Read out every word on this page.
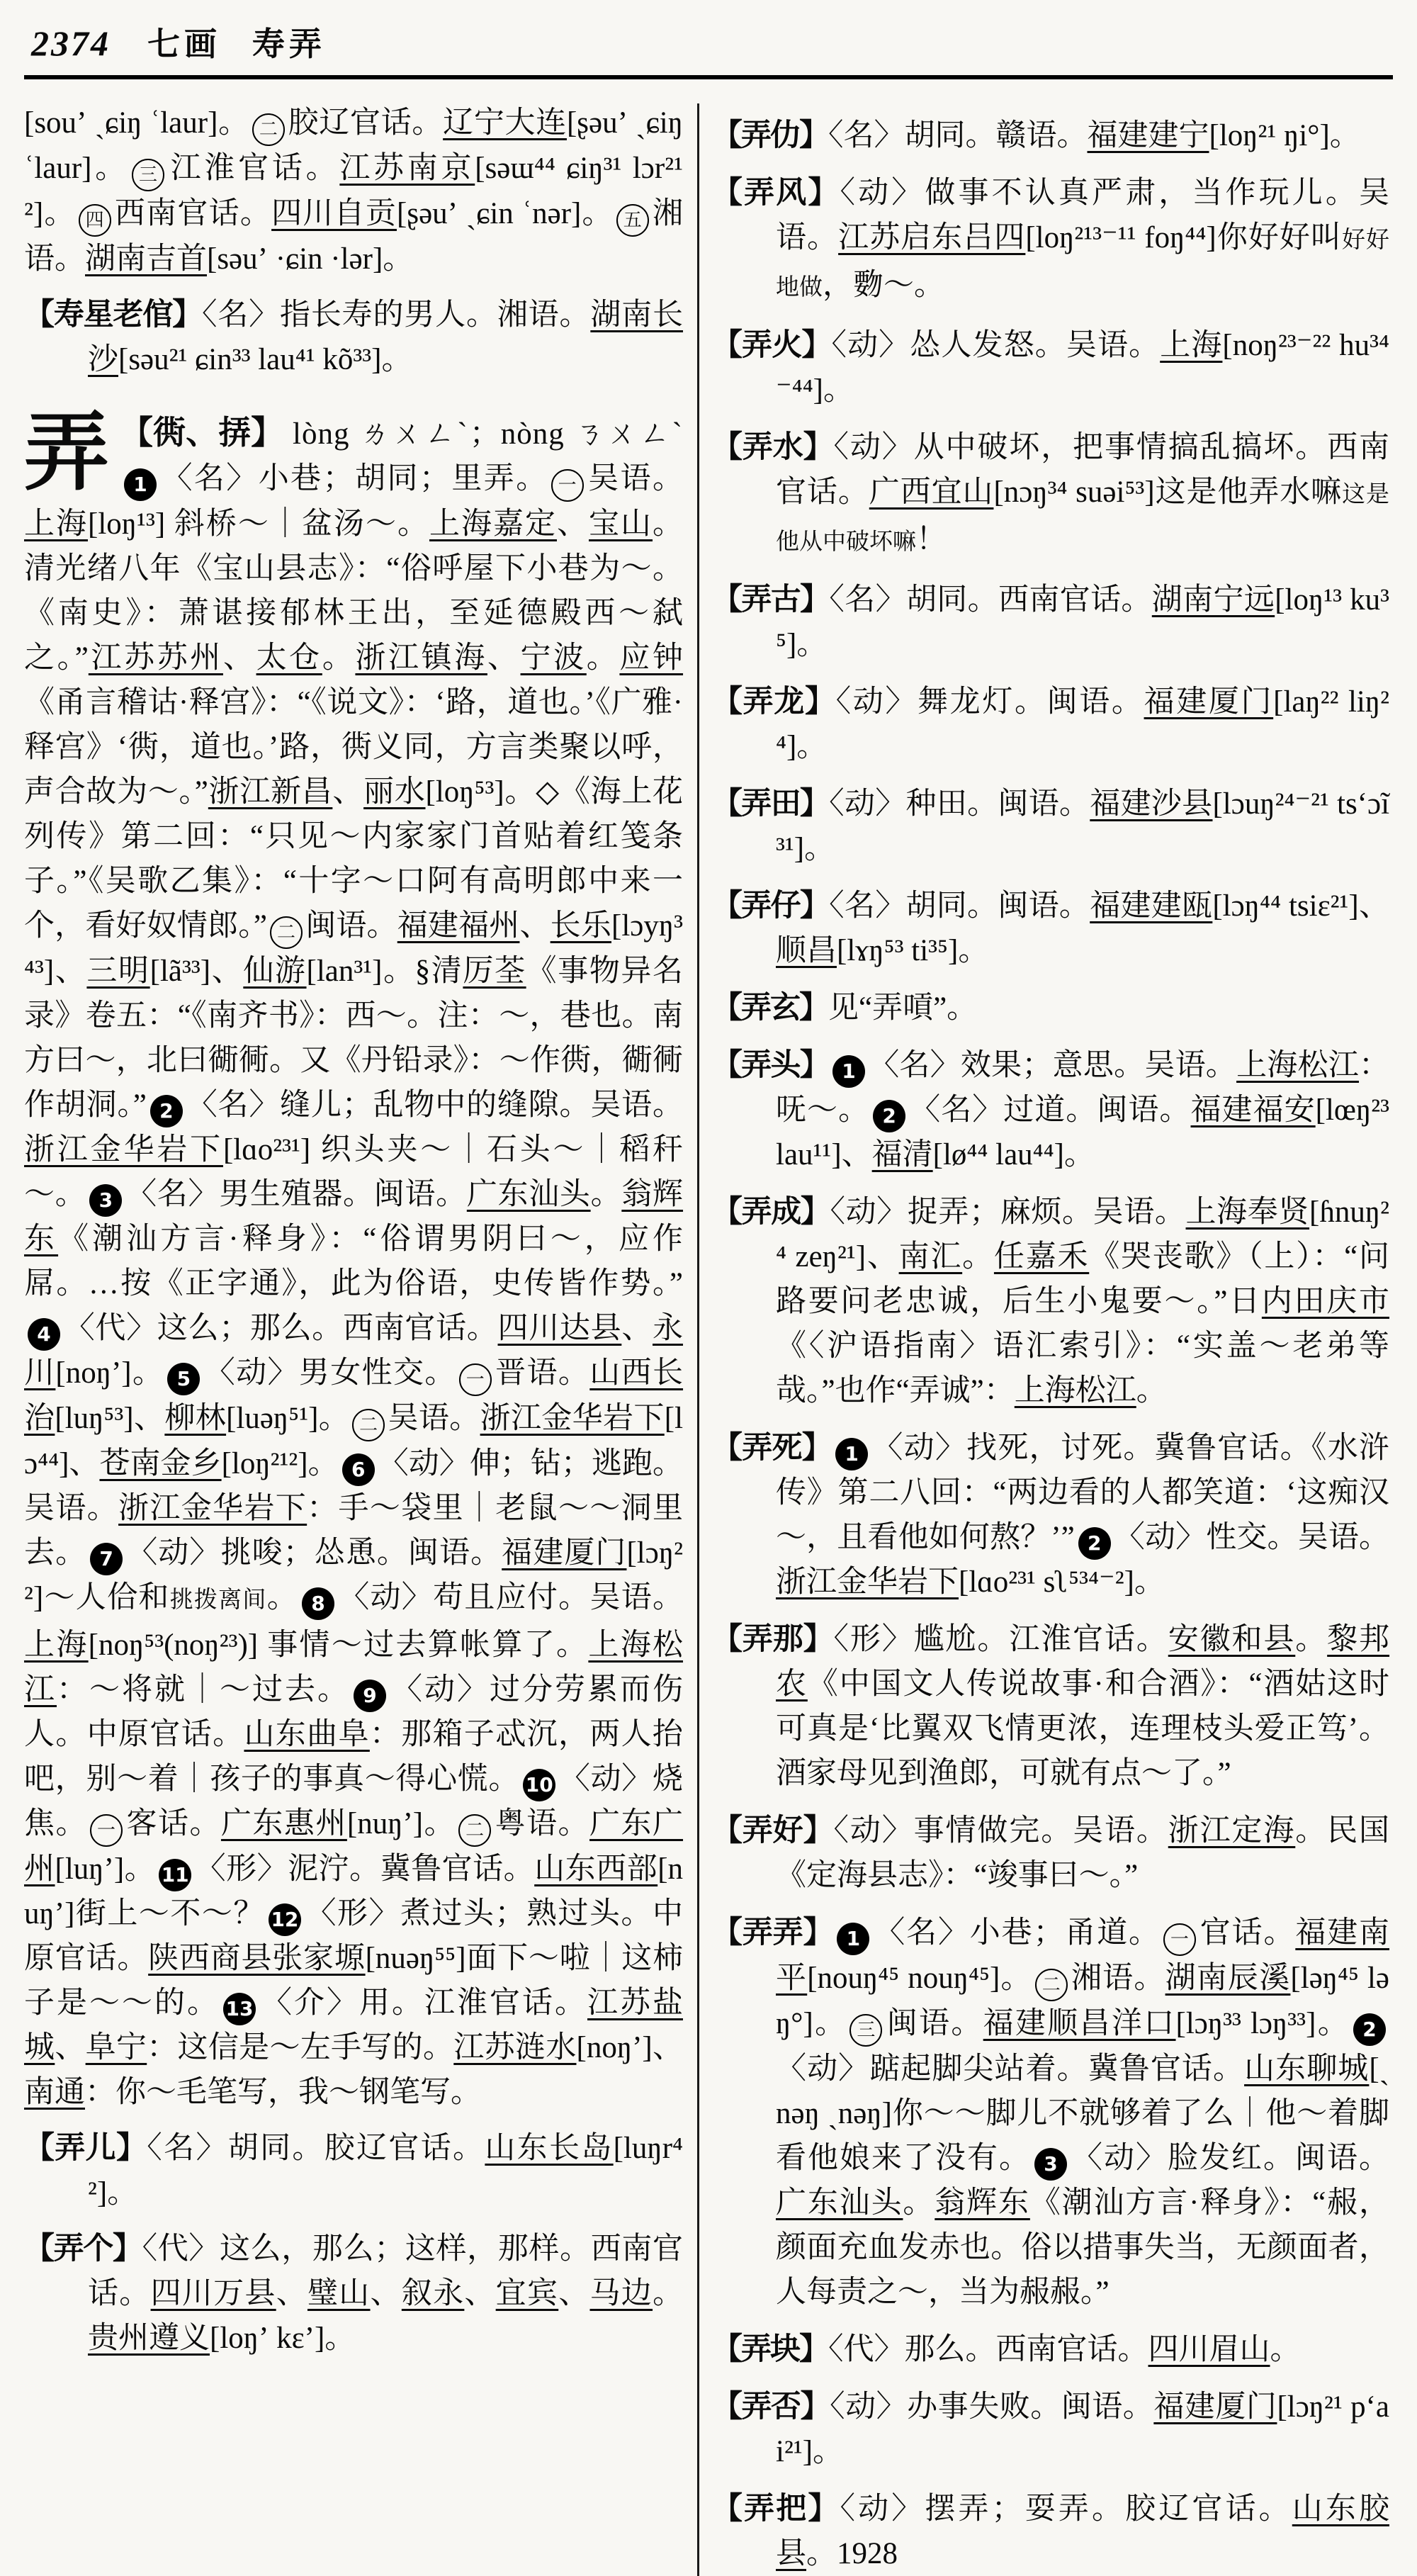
2374 七画 寿弄

[souʼ ˏɕiŋ ʿlaur]。 二 胶辽官话。辽宁大连[ʂəuʼ ˏɕiŋ ʿlaur]。 三 江淮官话。江苏南京[səɯ⁴⁴ ɕiŋ³¹ lɔr²¹²]。 四 西南官话。四川自贡[ʂəuʼ ˏɕin ʿnər]。 五 湘语。湖南吉首[səuʼ ·ɕin ·lər]。

【寿星老倌】〈名〉指长寿的男人。湘语。湖南长沙[səu²¹ ɕin³³ lau⁴¹ kõ³³]。

弄 【衖、挵】 lòng ㄌㄨㄥˋ；nòng ㄋㄨㄥˋ 1 〈名〉小巷；胡同；里弄。 一 吴语。上海[loŋ¹³] 斜桥～｜盆汤～。上海嘉定、宝山。清光绪八年《宝山县志》：“俗呼屋下小巷为～。《南史》：萧谌接郁林王出，至延德殿西～弑之。”江苏苏州、太仓。浙江镇海、宁波。应钟《甬言稽诂·释宫》：“《说文》：‘路，道也。’《广雅·释宫》‘衖，道也。’路，衖义同，方言类聚以呼，声合故为～。”浙江新昌、丽水[loŋ⁵³]。◇《海上花列传》第二回：“只见～内家家门首贴着红笺条子。”《吴歌乙集》：“十字～口阿有高明郎中来一个，看好奴情郎。” 二 闽语。福建福州、长乐[lɔyŋ³⁴³]、三明[lã³³]、仙游[lan³¹]。§清厉荃《事物异名录》卷五：“《南齐书》：西～。注：～，巷也。南方曰～，北曰衚衕。又《丹铅录》：～作衖，衚衕作胡洞。” 2 〈名〉缝儿；乱物中的缝隙。吴语。浙江金华岩下[lɑo²³¹] 织头夹～｜石头～｜稻秆～。 3 〈名〉男生殖器。闽语。广东汕头。翁辉东《潮汕方言·释身》：“俗谓男阴曰～，应作屌。…按《正字通》，此为俗语，史传皆作势。”4 〈代〉这么；那么。西南官话。四川达县、永川[noŋʼ]。 5 〈动〉男女性交。 一 晋语。山西长治[luŋ⁵³]、柳林[luəŋ⁵¹]。 二 吴语。浙江金华岩下[lɔ⁴⁴]、苍南金乡[loŋ²¹²]。 6 〈动〉伸；钻；逃跑。吴语。浙江金华岩下：手～袋里｜老鼠～～洞里去。 7 〈动〉挑唆；怂恿。闽语。福建厦门[lɔŋ²²]～人佮和挑拨离间。 8 〈动〉苟且应付。吴语。上海[noŋ⁵³(noŋ²³)] 事情～过去算帐算了。上海松江：～将就｜～过去。 9 〈动〉过分劳累而伤人。中原官话。山东曲阜：那箱子忒沉，两人抬吧，别～着｜孩子的事真～得心慌。 10 〈动〉烧焦。 一 客话。广东惠州[nuŋʼ]。 二 粤语。广东广州[luŋʼ]。 11 〈形〉泥泞。冀鲁官话。山东西部[nuŋʼ]街上～不～？ 12 〈形〉煮过头；熟过头。中原官话。陕西商县张家塬[nuəŋ⁵⁵]面下～啦｜这柿子是～～的。 13 〈介〉用。江淮官话。江苏盐城、阜宁：这信是～左手写的。江苏涟水[noŋʼ]、南通：你～毛笔写，我～钢笔写。

【弄儿】〈名〉胡同。胶辽官话。山东长岛[luŋr⁴²]。

【弄个】〈代〉这么，那么；这样，那样。西南官话。四川万县、璧山、叙永、宜宾、马边。贵州遵义[loŋʼ kɛʼ]。

【弄仂】〈名〉胡同。赣语。福建建宁[loŋ²¹ ŋi°]。

【弄风】〈动〉做事不认真严肃，当作玩儿。吴语。江苏启东吕四[loŋ²¹³⁻¹¹ foŋ⁴⁴]你好好叫好好地做，覅～。

【弄火】〈动〉怂人发怒。吴语。上海[noŋ²³⁻²² hu³⁴⁻⁴⁴]。

【弄水】〈动〉从中破坏，把事情搞乱搞坏。西南官话。广西宜山[nɔŋ³⁴ suəi⁵³]这是他弄水嘛这是他从中破坏嘛！

【弄古】〈名〉胡同。西南官话。湖南宁远[loŋ¹³ ku³⁵]。

【弄龙】〈动〉舞龙灯。闽语。福建厦门[laŋ²² liŋ²⁴]。

【弄田】〈动〉种田。闽语。福建沙县[lɔuŋ²⁴⁻²¹ ts‘ɔĩ³¹]。

【弄仔】〈名〉胡同。闽语。福建建瓯[lɔŋ⁴⁴ tsiɛ²¹]、顺昌[lɤŋ⁵³ ti³⁵]。

【弄玄】见“弄嗊”。

【弄头】 1 〈名〉效果；意思。吴语。上海松江：呒～。 2 〈名〉过道。闽语。福建福安[lœŋ²³ lau¹¹]、福清[lø⁴⁴ lau⁴⁴]。

【弄成】〈动〉捉弄；麻烦。吴语。上海奉贤[ɦnuŋ²⁴ zeŋ²¹]、南汇。任嘉禾《哭丧歌》（上）：“问路要问老忠诚，后生小鬼要～。”日内田庆市《〈沪语指南〉语汇索引》：“实盖～老弟等哉。”也作“弄诚”：上海松江。

【弄死】 1 〈动〉找死，讨死。冀鲁官话。《水浒传》第二八回：“两边看的人都笑道：‘这痴汉～，且看他如何熬？’” 2 〈动〉性交。吴语。浙江金华岩下[lɑo²³¹ sʅ⁵³⁴⁻²]。

【弄那】〈形〉尴尬。江淮官话。安徽和县。黎邦农《中国文人传说故事·和合酒》：“酒姑这时可真是‘比翼双飞情更浓，连理枝头爱正笃’。酒家母见到渔郎，可就有点～了。”

【弄好】〈动〉事情做完。吴语。浙江定海。民国《定海县志》：“竣事曰～。”

【弄弄】 1 〈名〉小巷；甬道。 一 官话。福建南平[nouŋ⁴⁵ nouŋ⁴⁵]。 二 湘语。湖南辰溪[ləŋ⁴⁵ ləŋ°]。 三 闽语。福建顺昌洋口[lɔŋ³³ lɔŋ³³]。 2〈动〉踮起脚尖站着。冀鲁官话。山东聊城[ˏnəŋ ˏnəŋ]你～～脚儿不就够着了么｜他～着脚看他娘来了没有。 3 〈动〉脸发红。闽语。广东汕头。翁辉东《潮汕方言·释身》：“赧，颜面充血发赤也。俗以措事失当，无颜面者，人每责之～，当为赧赧。”

【弄块】〈代〉那么。西南官话。四川眉山。

【弄否】〈动〉办事失败。闽语。福建厦门[lɔŋ²¹ p‘ai²¹]。

【弄把】〈动〉摆弄；耍弄。胶辽官话。山东胶县。1928
